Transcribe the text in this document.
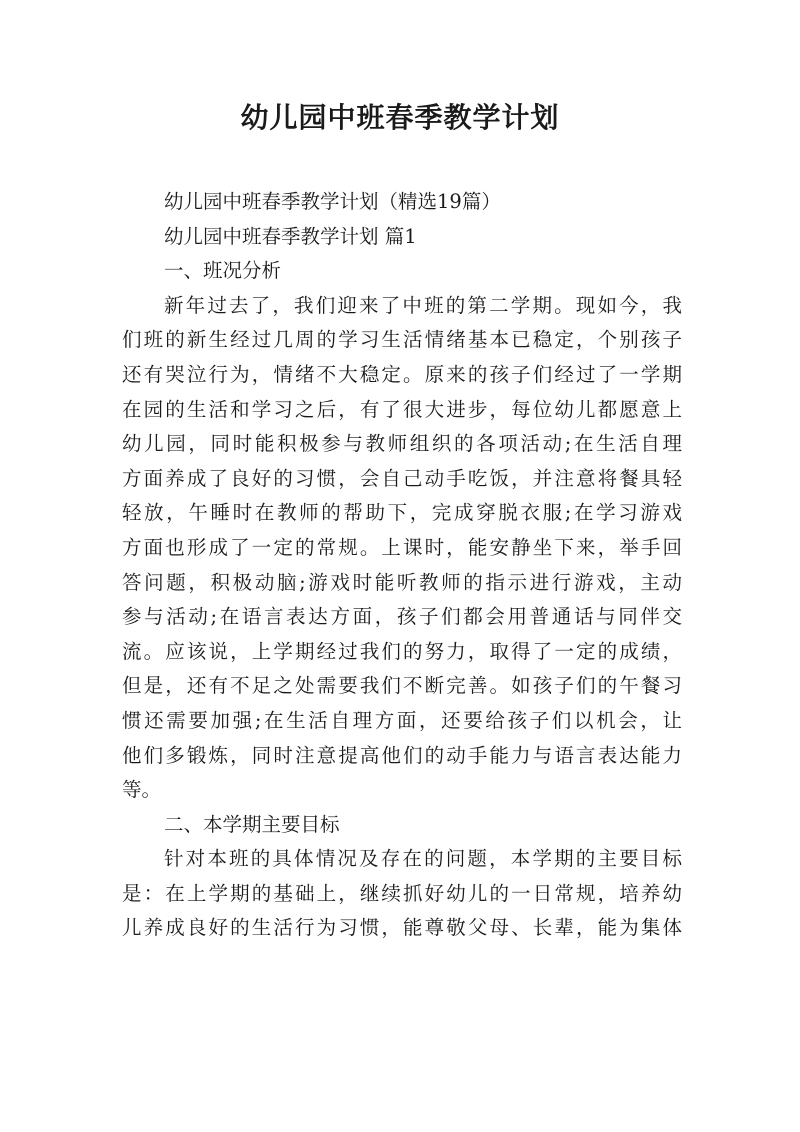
幼儿园中班春季教学计划

幼儿园中班春季教学计划（精选19篇）

幼儿园中班春季教学计划 篇1

一、班况分析

新年过去了，我们迎来了中班的第二学期。现如今，我

们班的新生经过几周的学习生活情绪基本已稳定，个别孩子

还有哭泣行为，情绪不大稳定。原来的孩子们经过了一学期

在园的生活和学习之后，有了很大进步，每位幼儿都愿意上

幼儿园，同时能积极参与教师组织的各项活动;在生活自理

方面养成了良好的习惯，会自己动手吃饭，并注意将餐具轻

轻放，午睡时在教师的帮助下，完成穿脱衣服;在学习游戏

方面也形成了一定的常规。上课时，能安静坐下来，举手回

答问题，积极动脑;游戏时能听教师的指示进行游戏，主动

参与活动;在语言表达方面，孩子们都会用普通话与同伴交

流。应该说，上学期经过我们的努力，取得了一定的成绩，

但是，还有不足之处需要我们不断完善。如孩子们的午餐习

惯还需要加强;在生活自理方面，还要给孩子们以机会，让

他们多锻炼，同时注意提高他们的动手能力与语言表达能力

等。

二、本学期主要目标

针对本班的具体情况及存在的问题，本学期的主要目标

是：在上学期的基础上，继续抓好幼儿的一日常规，培养幼

儿养成良好的生活行为习惯，能尊敬父母、长辈，能为集体
